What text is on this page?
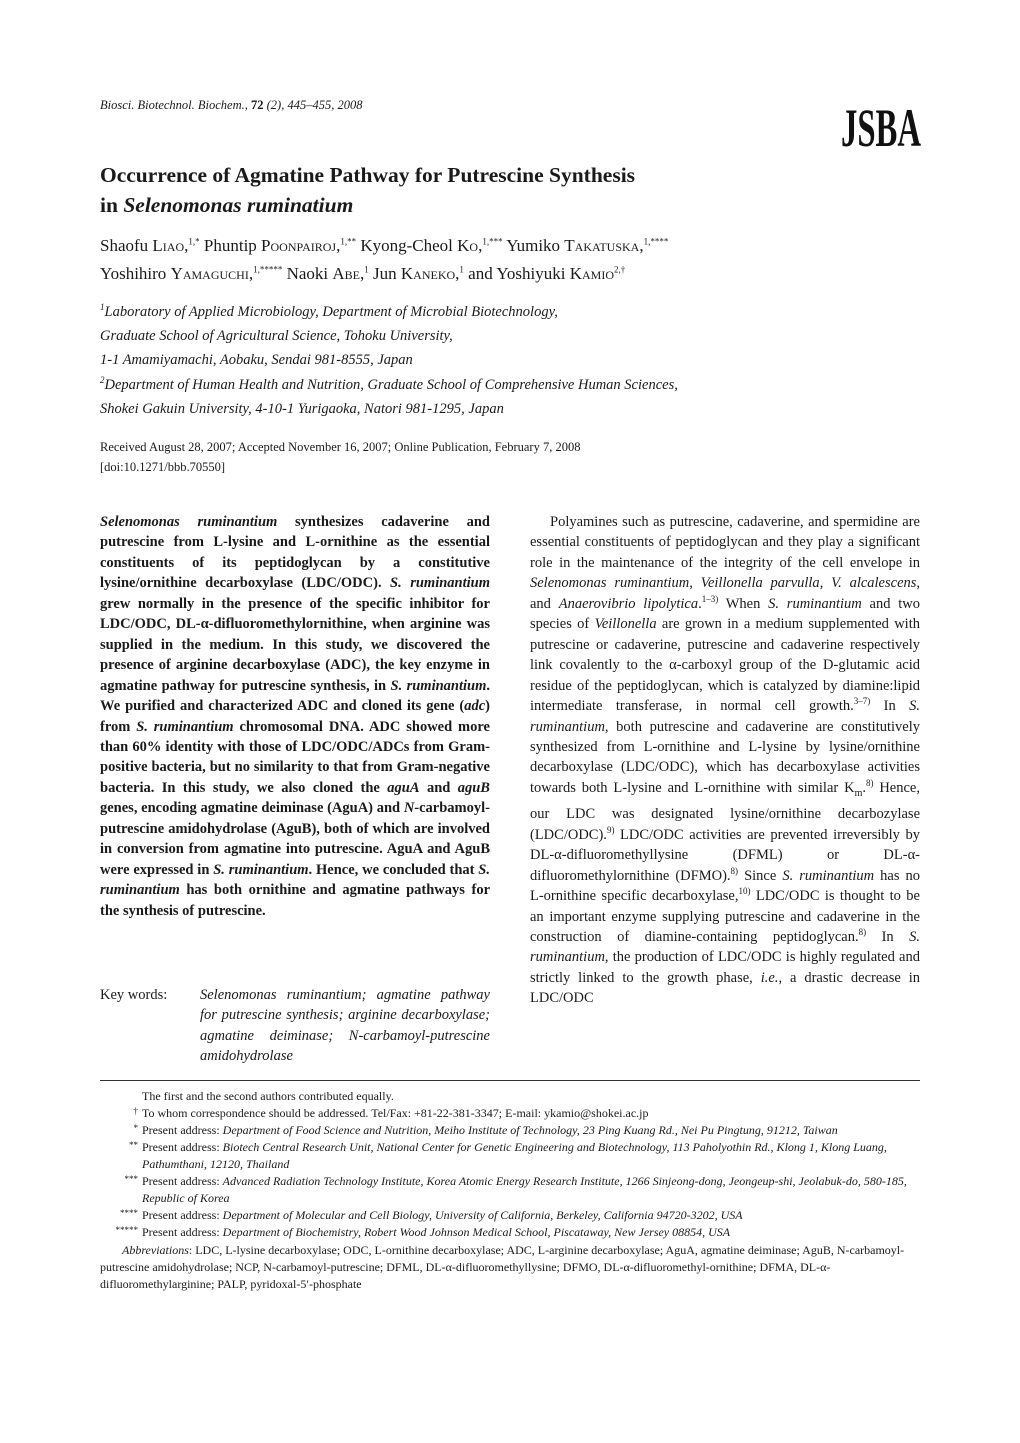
Biosci. Biotechnol. Biochem., 72 (2), 445–455, 2008	JSBA
Occurrence of Agmatine Pathway for Putrescine Synthesis
in Selenomonas ruminatium
Shaofu Liao,$^{1,*}$ Phuntip Poonpairoj,$^{1,**}$ Kyong-Cheol Ko,$^{1,***}$ Yumiko Takatuska,$^{1,****}$
Yoshihiro Yamaguchi,$^{1,*****}$ Naoki Abe,$^1$ Jun Kaneko,$^1$ and Yoshiyuki Kamio$^{2,\dagger}$
$^1$Laboratory of Applied Microbiology, Department of Microbial Biotechnology,
Graduate School of Agricultural Science, Tohoku University,
1-1 Amamiyamachi, Aobaku, Sendai 981-8555, Japan
$^2$Department of Human Health and Nutrition, Graduate School of Comprehensive Human Sciences,
Shokei Gakuin University, 4-10-1 Yurigaoka, Natori 981-1295, Japan
Received August 28, 2007; Accepted November 16, 2007; Online Publication, February 7, 2008
[doi:10.1271/bbb.70550]
Selenomonas ruminantium synthesizes cadaverine and putrescine from L-lysine and L-ornithine as the essential constituents of its peptidoglycan by a constitutive lysine/ornithine decarboxylase (LDC/ODC). S. ruminantium grew normally in the presence of the specific inhibitor for LDC/ODC, DL-α-difluoromethylornithine, when arginine was supplied in the medium. In this study, we discovered the presence of arginine decarboxylase (ADC), the key enzyme in agmatine pathway for putrescine synthesis, in S. ruminantium. We purified and characterized ADC and cloned its gene (adc) from S. ruminantium chromosomal DNA. ADC showed more than 60% identity with those of LDC/ODC/ADCs from Gram-positive bacteria, but no similarity to that from Gram-negative bacteria. In this study, we also cloned the aguA and aguB genes, encoding agmatine deiminase (AguA) and N-carbamoyl-putrescine amidohydrolase (AguB), both of which are involved in conversion from agmatine into putrescine. AguA and AguB were expressed in S. ruminantium. Hence, we concluded that S. ruminantium has both ornithine and agmatine pathways for the synthesis of putrescine.
Key words: Selenomonas ruminantium; agmatine pathway for putrescine synthesis; arginine decarboxylase; agmatine deiminase; N-carbamoyl-putrescine amidohydrolase
Polyamines such as putrescine, cadaverine, and spermidine are essential constituents of peptidoglycan and they play a significant role in the maintenance of the integrity of the cell envelope in Selenomonas ruminantium, Veillonella parvulla, V. alcalescens, and Anaerovibrio lipolytica.$^{1-3)}$ When S. ruminantium and two species of Veillonella are grown in a medium supplemented with putrescine or cadaverine, putrescine and cadaverine respectively link covalently to the α-carboxyl group of the D-glutamic acid residue of the peptidoglycan, which is catalyzed by diamine:lipid intermediate transferase, in normal cell growth.$^{3-7)}$ In S. ruminantium, both putrescine and cadaverine are constitutively synthesized from L-ornithine and L-lysine by lysine/ornithine decarboxylase (LDC/ODC), which has decarboxylase activities towards both L-lysine and L-ornithine with similar $K_m.^{8)}$ Hence, our LDC was designated lysine/ornithine decarbozylase (LDC/ODC).$^{9)}$ LDC/ODC activities are prevented irreversibly by DL-α-difluoromethyllysine (DFML) or DL-α-difluoromethylornithine (DFMO).$^{8)}$ Since S. ruminantium has no L-ornithine specific decarboxylase,$^{10)}$ LDC/ODC is thought to be an important enzyme supplying putrescine and cadaverine in the construction of diamine-containing peptidoglycan.$^{8)}$ In S. ruminantium, the production of LDC/ODC is highly regulated and strictly linked to the growth phase, i.e., a drastic decrease in LDC/ODC
The first and the second authors contributed equally.
† To whom correspondence should be addressed. Tel/Fax: +81-22-381-3347; E-mail: ykamio@shokei.ac.jp
* Present address: Department of Food Science and Nutrition, Meiho Institute of Technology, 23 Ping Kuang Rd., Nei Pu Pingtung, 91212, Taiwan
** Present address: Biotech Central Research Unit, National Center for Genetic Engineering and Biotechnology, 113 Paholyothin Rd., Klong 1, Klong Luang, Pathumthani, 12120, Thailand
*** Present address: Advanced Radiation Technology Institute, Korea Atomic Energy Research Institute, 1266 Sinjeong-dong, Jeongeup-shi, Jeolabuk-do, 580-185, Republic of Korea
**** Present address: Department of Molecular and Cell Biology, University of California, Berkeley, California 94720-3202, USA
***** Present address: Department of Biochemistry, Robert Wood Johnson Medical School, Piscataway, New Jersey 08854, USA
Abbreviations: LDC, L-lysine decarboxylase; ODC, L-ornithine decarboxylase; ADC, L-arginine decarboxylase; AguA, agmatine deiminase; AguB, N-carbamoyl-putrescine amidohydrolase; NCP, N-carbamoyl-putrescine; DFML, DL-α-difluoromethyllysine; DFMO, DL-α-difluoromethyl-ornithine; DFMA, DL-α-difluoromethylarginine; PALP, pyridoxal-5′-phosphate
